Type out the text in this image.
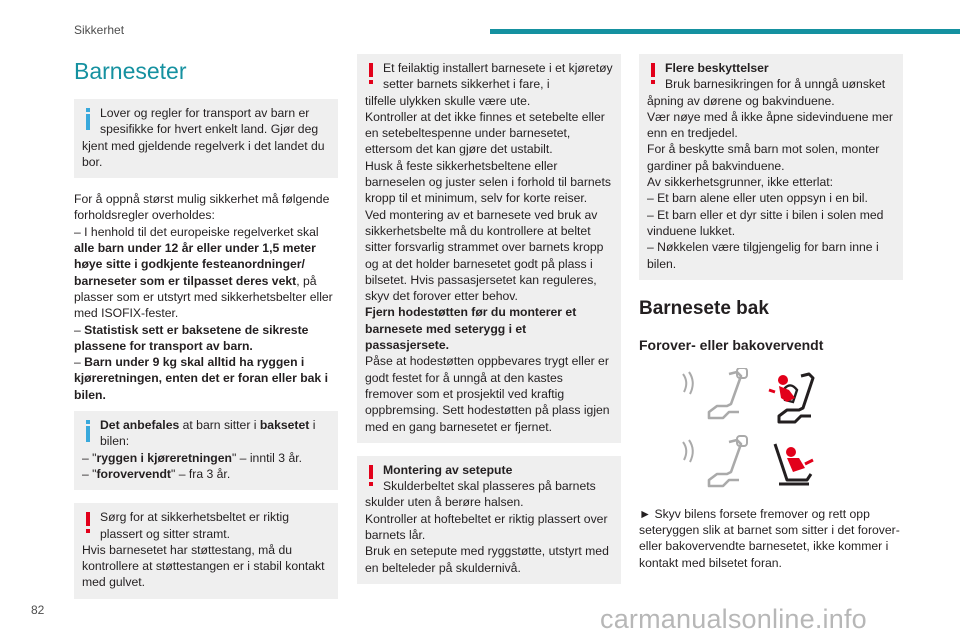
Sikkerhet
Barneseter
Lover og regler for transport av barn er spesifikke for hvert enkelt land. Gjør deg

kjent med gjeldende regelverk i det landet du bor.

For å oppnå størst mulig sikkerhet må følgende forholdsregler overholdes:

– I henhold til det europeiske regelverket skal alle barn under 12 år eller under 1,5 meter høye sitte i godkjente festeanordninger/ barneseter som er tilpasset deres vekt, på plasser som er utstyrt med sikkerhetsbelter eller med ISOFIX-fester.

– Statistisk sett er baksetene de sikreste plassene for transport av barn.

– Barn under 9 kg skal alltid ha ryggen i kjøreretningen, enten det er foran eller bak i bilen.

Det anbefales at barn sitter i baksetet i bilen:

– "ryggen i kjøreretningen" – inntil 3 år.

– "forovervendt" – fra 3 år.

Sørg for at sikkerhetsbeltet er riktig plassert og sitter stramt.

Hvis barnesetet har støttestang, må du kontrollere at støttestangen er i stabil kontakt med gulvet.

Et feilaktig installert barnesete i et kjøretøy setter barnets sikkerhet i fare, i

tilfelle ulykken skulle være ute.

Kontroller at det ikke finnes et setebelte eller en setebeltespenne under barnesetet, ettersom det kan gjøre det ustabilt.

Husk å feste sikkerhetsbeltene eller barneselen og juster selen i forhold til barnets kropp til et minimum, selv for korte reiser.

Ved montering av et barnesete ved bruk av sikkerhetsbelte må du kontrollere at beltet sitter forsvarlig strammet over barnets kropp og at det holder barnesetet godt på plass i bilsetet. Hvis passasjersetet kan reguleres, skyv det forover etter behov.

Fjern hodestøtten før du monterer et barnesete med seterygg i et passasjersete.

Påse at hodestøtten oppbevares trygt eller er godt festet for å unngå at den kastes fremover som et prosjektil ved kraftig oppbremsing. Sett hodestøtten på plass igjen med en gang barnesetet er fjernet.

Montering av setepute
Skulderbeltet skal plasseres på barnets

skulder uten å berøre halsen.

Kontroller at hoftebeltet er riktig plassert over barnets lår.

Bruk en setepute med ryggstøtte, utstyrt med en belteleder på skuldernivå.

Flere beskyttelser
Bruk barnesikringen for å unngå uønsket

åpning av dørene og bakvinduene.

Vær nøye med å ikke åpne sidevinduene mer enn en tredjedel.

For å beskytte små barn mot solen, monter gardiner på bakvinduene.

Av sikkerhetsgrunner, ikke etterlat:

– Et barn alene eller uten oppsyn i en bil.

– Et barn eller et dyr sitte i bilen i solen med vinduene lukket.

– Nøkkelen være tilgjengelig for barn inne i bilen.

Barnesete bak
Forover- eller bakovervendt

► Skyv bilens forsete fremover og rett opp seteryggen slik at barnet som sitter i det forover- eller bakovervendte barnesetet, ikke kommer i kontakt med bilsetet foran.

82	carmanualsonline.info
